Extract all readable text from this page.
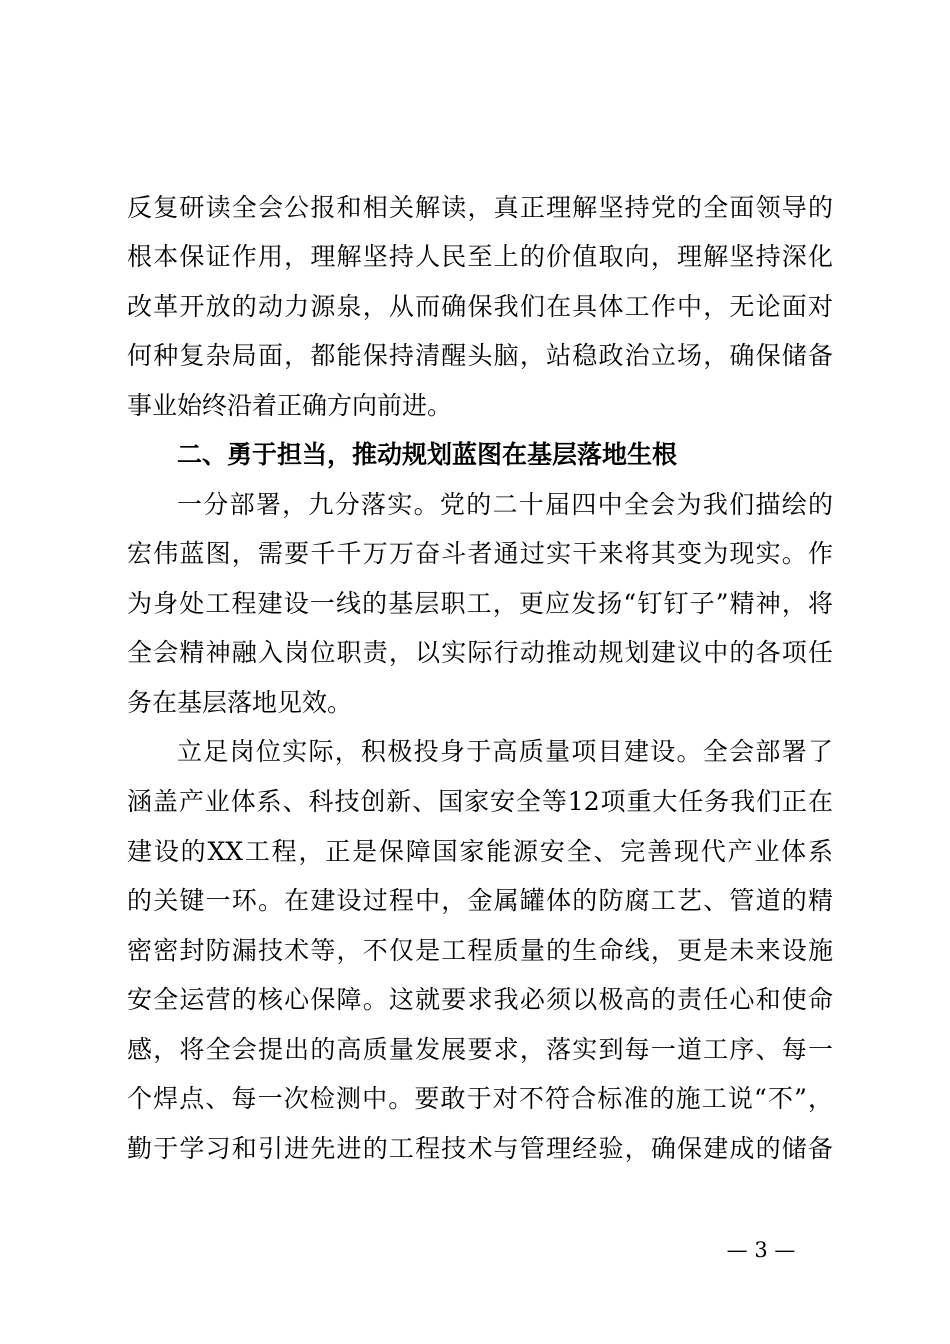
反复研读全会公报和相关解读，真正理解坚持党的全面领导的
根本保证作用，理解坚持人民至上的价值取向，理解坚持深化
改革开放的动力源泉，从而确保我们在具体工作中，无论面对
何种复杂局面，都能保持清醒头脑，站稳政治立场，确保储备
事业始终沿着正确方向前进。
二、勇于担当，推动规划蓝图在基层落地生根
一分部署，九分落实。党的二十届四中全会为我们描绘的
宏伟蓝图，需要千千万万奋斗者通过实干来将其变为现实。作
为身处工程建设一线的基层职工，更应发扬“钉钉子”精神，将
全会精神融入岗位职责，以实际行动推动规划建议中的各项任
务在基层落地见效。
立足岗位实际，积极投身于高质量项目建设。全会部署了
涵盖产业体系、科技创新、国家安全等12项重大任务我们正在
建设的XX工程，正是保障国家能源安全、完善现代产业体系
的关键一环。在建设过程中，金属罐体的防腐工艺、管道的精
密密封防漏技术等，不仅是工程质量的生命线，更是未来设施
安全运营的核心保障。这就要求我必须以极高的责任心和使命
感，将全会提出的高质量发展要求，落实到每一道工序、每一
个焊点、每一次检测中。要敢于对不符合标准的施工说“不”，
勤于学习和引进先进的工程技术与管理经验，确保建成的储备
— 3 —
